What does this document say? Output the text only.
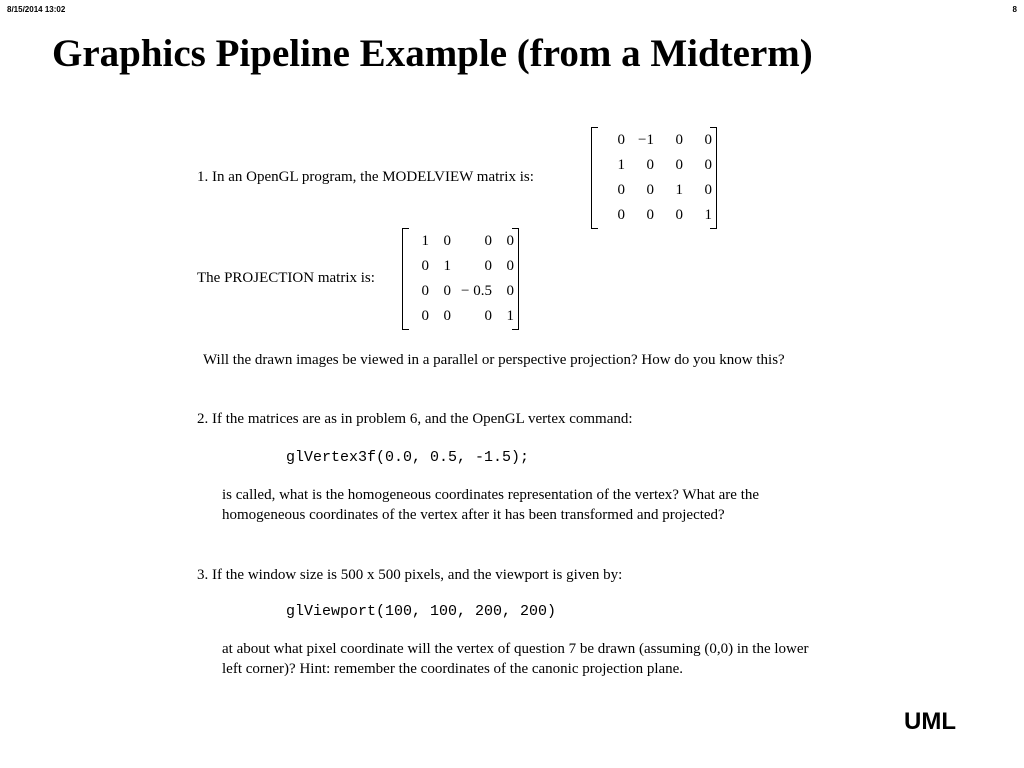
8/15/2014 13:02	8
Graphics Pipeline Example (from a Midterm)
1. In an OpenGL program, the MODELVIEW matrix is:
0	−1	0	0
1	0	0	0
0	0	1	0
0	0	0	1
The PROJECTION matrix is:
1	0	0	0
0	1	0	0
0	0	− 0.5	0
0	0	0	1
Will the drawn images be viewed in a parallel or perspective projection? How do you know this?
2. If the matrices are as in problem 6, and the OpenGL vertex command:
glVertex3f(0.0, 0.5, -1.5);
is called, what is the homogeneous coordinates representation of the vertex? What are the homogeneous coordinates of the vertex after it has been transformed and projected?
3. If the window size is 500 x 500 pixels, and the viewport is given by:
glViewport(100, 100, 200, 200)
at about what pixel coordinate will the vertex of question 7 be drawn (assuming (0,0) in the lower left corner)? Hint: remember the coordinates of the canonic projection plane.
UML
